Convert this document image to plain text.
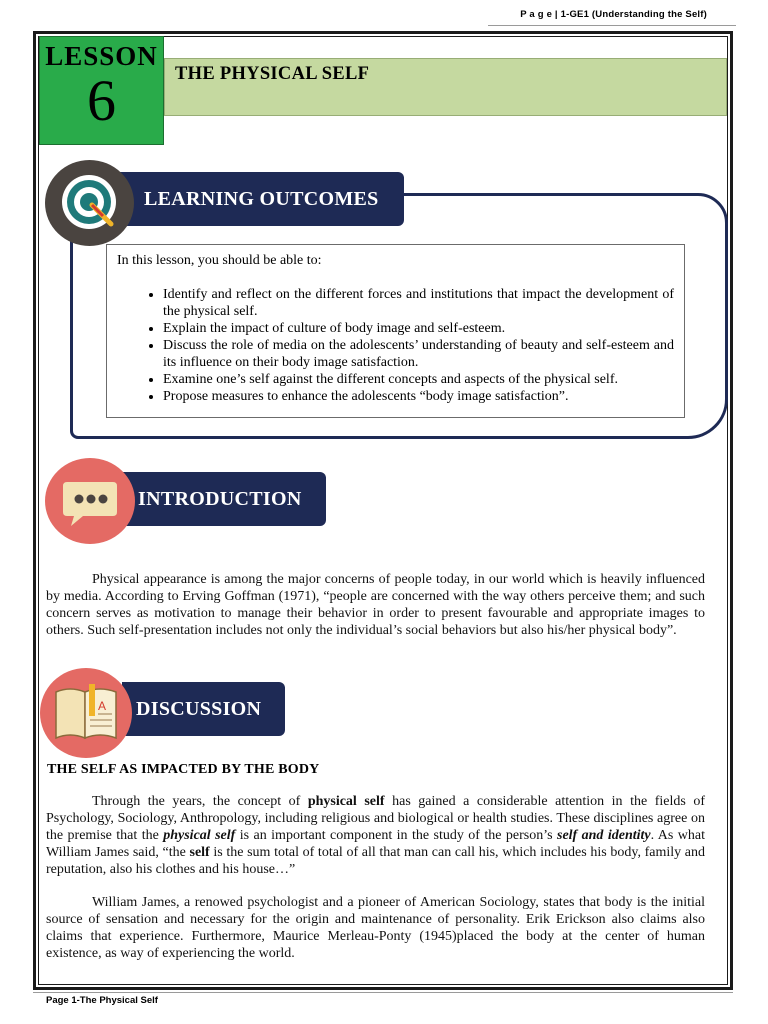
P a g e | 1-GE1 (Understanding the Self)
LESSON
6	THE PHYSICAL SELF
LEARNING OUTCOMES
In this lesson, you should be able to:
• Identify and reflect on the different forces and institutions that impact the development of the physical self.
• Explain the impact of culture of body image and self-esteem.
• Discuss the role of media on the adolescents’ understanding of beauty and self-esteem and its influence on their body image satisfaction.
• Examine one’s self against the different concepts and aspects of the physical self.
• Propose measures to enhance the adolescents “body image satisfaction”.
INTRODUCTION
Physical appearance is among the major concerns of people today, in our world which is heavily influenced by media. According to Erving Goffman (1971), “people are concerned with the way others perceive them; and such concern serves as motivation to manage their behavior in order to present favourable and appropriate images to others. Such self-presentation includes not only the individual’s social behaviors but also his/her physical body”.
DISCUSSION
A
THE SELF AS IMPACTED BY THE BODY
Through the years, the concept of physical self has gained a considerable attention in the fields of Psychology, Sociology, Anthropology, including religious and biological or health studies. These disciplines agree on the premise that the physical self is an important component in the study of the person’s self and identity. As what William James said, “the self is the sum total of total of all that man can call his, which includes his body, family and reputation, also his clothes and his house…”
William James, a renowed psychologist and a pioneer of American Sociology, states that body is the initial source of sensation and necessary for the origin and maintenance of personality. Erik Erickson also claims also claims that experience. Furthermore, Maurice Merleau-Ponty (1945)placed the body at the center of human existence, as way of experiencing the world.
Page 1-The Physical Self
